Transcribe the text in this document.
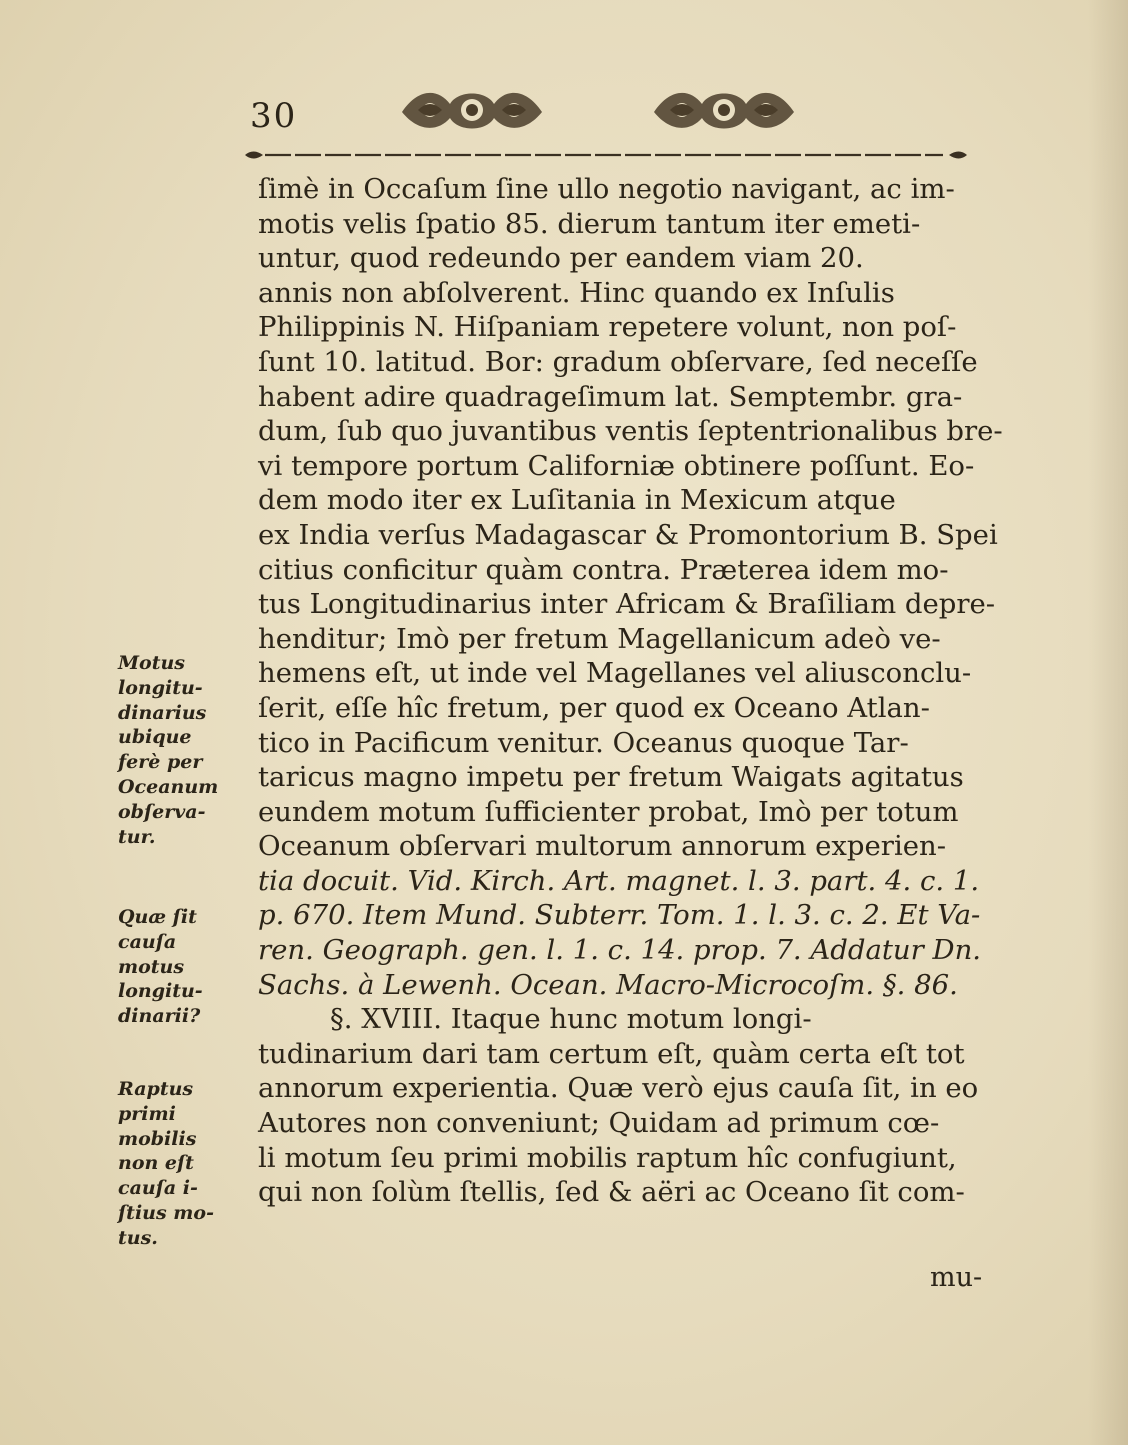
30
ſimè in Occaſum ſine ullo negotio navigant, ac im-
motis velis ſpatio 85. dierum tantum iter emeti-
untur, quod redeundo per eandem viam 20.
annis non abſolverent. Hinc quando ex Inſulis
Philippinis N. Hiſpaniam repetere volunt, non poſ-
ſunt 10. latitud. Bor: gradum obſervare, ſed neceſſe
habent adire quadrageſimum lat. Semptembr. gra-
dum, ſub quo juvantibus ventis ſeptentrionalibus bre-
vi tempore portum Californiæ obtinere poſſunt. Eo-
dem modo iter ex Luſitania in Mexicum atque
ex India verſus Madagascar & Promontorium B. Spei
citius conficitur quàm contra. Præterea idem mo-
tus Longitudinarius inter Africam & Braſiliam depre-
henditur; Imò per fretum Magellanicum adeò ve-
hemens eſt, ut inde vel Magellanes vel aliusconclu-
ſerit, eſſe hîc fretum, per quod ex Oceano Atlan-
tico in Pacificum venitur. Oceanus quoque Tar-
taricus magno impetu per fretum Waigats agitatus
eundem motum ſufficienter probat, Imò per totum
Oceanum obſervari multorum annorum experien-
tia docuit. Vid. Kirch. Art. magnet. l. 3. part. 4. c. 1.
p. 670. Item Mund. Subterr. Tom. 1. l. 3. c. 2. Et Va-
ren. Geograph. gen. l. 1. c. 14. prop. 7. Addatur Dn.
Sachs. à Lewenh. Ocean. Macro-Microcoſm. §. 86.
§. XVIII. Itaque hunc motum longi-
tudinarium dari tam certum eſt, quàm certa eſt tot
annorum experientia. Quæ verò ejus cauſa ſit, in eo
Autores non conveniunt; Quidam ad primum cœ-
li motum ſeu primi mobilis raptum hîc confugiunt,
qui non ſolùm ſtellis, ſed & aëri ac Oceano ſit com-
mu-
Motus
longitu-
dinarius
ubique
ferè per
Oceanum
obſerva-
tur.
Quæ ſit
cauſa
motus
longitu-
dinarii?
Raptus
primi
mobilis
non eſt
cauſa i-
ſtius mo-
tus.
